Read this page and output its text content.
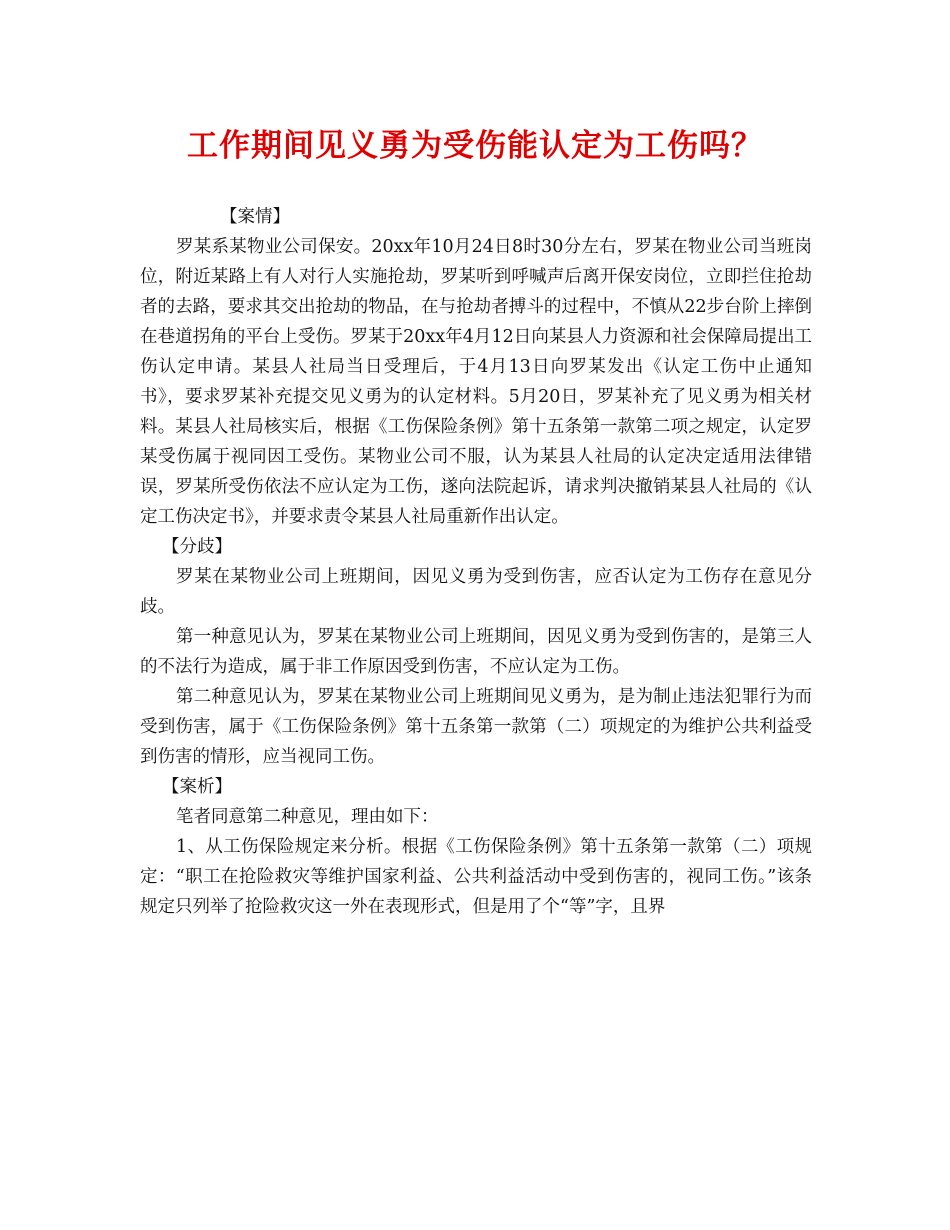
工作期间见义勇为受伤能认定为工伤吗？

【案情】

罗某系某物业公司保安。20xx年10月24日8时30分左右，罗某在物业公司当班岗位，附近某路上有人对行人实施抢劫，罗某听到呼喊声后离开保安岗位，立即拦住抢劫者的去路，要求其交出抢劫的物品，在与抢劫者搏斗的过程中，不慎从22步台阶上摔倒在巷道拐角的平台上受伤。罗某于20xx年4月12日向某县人力资源和社会保障局提出工伤认定申请。某县人社局当日受理后，于4月13日向罗某发出《认定工伤中止通知书》，要求罗某补充提交见义勇为的认定材料。5月20日，罗某补充了见义勇为相关材料。某县人社局核实后，根据《工伤保险条例》第十五条第一款第二项之规定，认定罗某受伤属于视同因工受伤。某物业公司不服，认为某县人社局的认定决定适用法律错误，罗某所受伤依法不应认定为工伤，遂向法院起诉，请求判决撤销某县人社局的《认定工伤决定书》，并要求责令某县人社局重新作出认定。

【分歧】

罗某在某物业公司上班期间，因见义勇为受到伤害，应否认定为工伤存在意见分歧。

第一种意见认为，罗某在某物业公司上班期间，因见义勇为受到伤害的，是第三人的不法行为造成，属于非工作原因受到伤害，不应认定为工伤。

第二种意见认为，罗某在某物业公司上班期间见义勇为，是为制止违法犯罪行为而受到伤害，属于《工伤保险条例》第十五条第一款第（二）项规定的为维护公共利益受到伤害的情形，应当视同工伤。

【案析】

笔者同意第二种意见，理由如下：

1、从工伤保险规定来分析。根据《工伤保险条例》第十五条第一款第（二）项规定：“职工在抢险救灾等维护国家利益、公共利益活动中受到伤害的，视同工伤。”该条规定只列举了抢险救灾这一外在表现形式，但是用了个“等”字，且界
